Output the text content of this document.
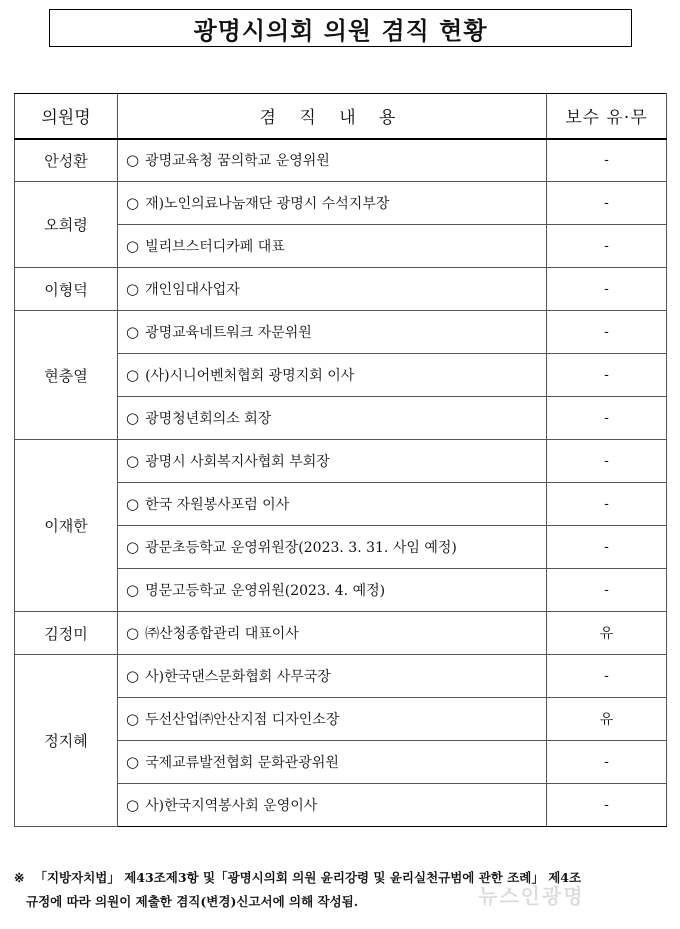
광명시의회 의원 겸직 현황
의원명	겸 직 내 용	보수 유·무
안성환	○ 광명교육청 꿈의학교 운영위원	-
오희령	○ 재)노인의료나눔재단 광명시 수석지부장	-
	○ 빌리브스터디카페 대표	-
이형덕	○ 개인임대사업자	-
현충열	○ 광명교육네트워크 자문위원	-
	○ (사)시니어벤처협회 광명지회 이사	-
	○ 광명청년회의소 회장	-
이재한	○ 광명시 사회복지사협회 부회장	-
	○ 한국 자원봉사포럼 이사	-
	○ 광문초등학교 운영위원장(2023. 3. 31. 사임 예정)	-
	○ 명문고등학교 운영위원(2023. 4. 예정)	-
김정미	○ ㈜산청종합관리 대표이사	유
정지혜	○ 사)한국댄스문화협회 사무국장	-
	○ 두선산업㈜안산지점 디자인소장	유
	○ 국제교류발전협회 문화관광위원	-
	○ 사)한국지역봉사회 운영이사	-
※ 「지방자치법」 제43조제3항 및「광명시의회 의원 윤리강령 및 윤리실천규범에 관한 조례」 제4조
규정에 따라 의원이 제출한 겸직(변경)신고서에 의해 작성됨.	뉴스인광명
